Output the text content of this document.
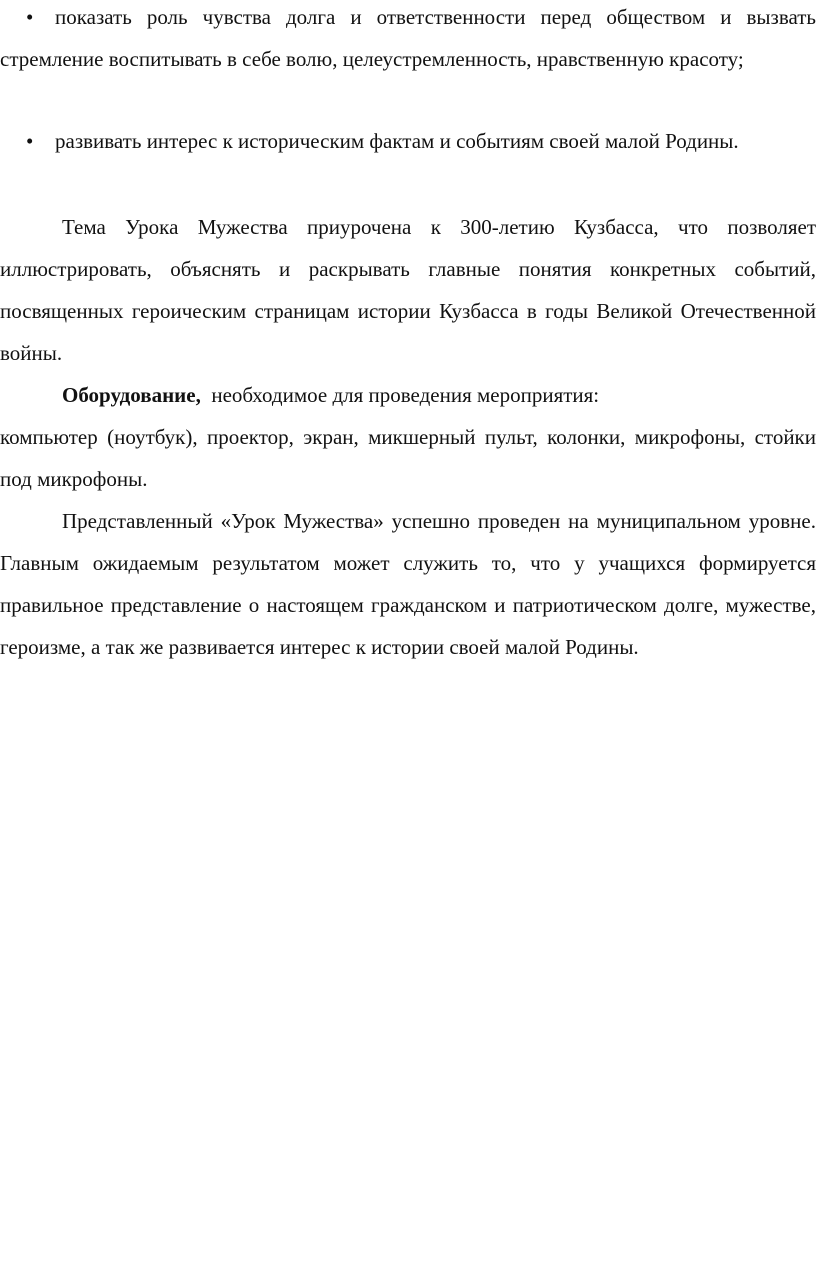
• показать роль чувства долга и ответственности перед обществом и вызвать стремление воспитывать в себе волю, целеустремленность, нравственную красоту;

• развивать интерес к историческим фактам и событиям своей малой Родины.

Тема Урока Мужества приурочена к 300-летию Кузбасса, что позволяет иллюстрировать, объяснять и раскрывать главные понятия конкретных событий, посвященных героическим страницам истории Кузбасса в годы Великой Отечественной войны.

Оборудование, необходимое для проведения мероприятия:

компьютер (ноутбук), проектор, экран, микшерный пульт, колонки, микрофоны, стойки под микрофоны.

Представленный «Урок Мужества» успешно проведен на муниципальном уровне. Главным ожидаемым результатом может служить то, что у учащихся формируется правильное представление о настоящем гражданском и патриотическом долге, мужестве, героизме, а так же развивается интерес к истории своей малой Родины.
